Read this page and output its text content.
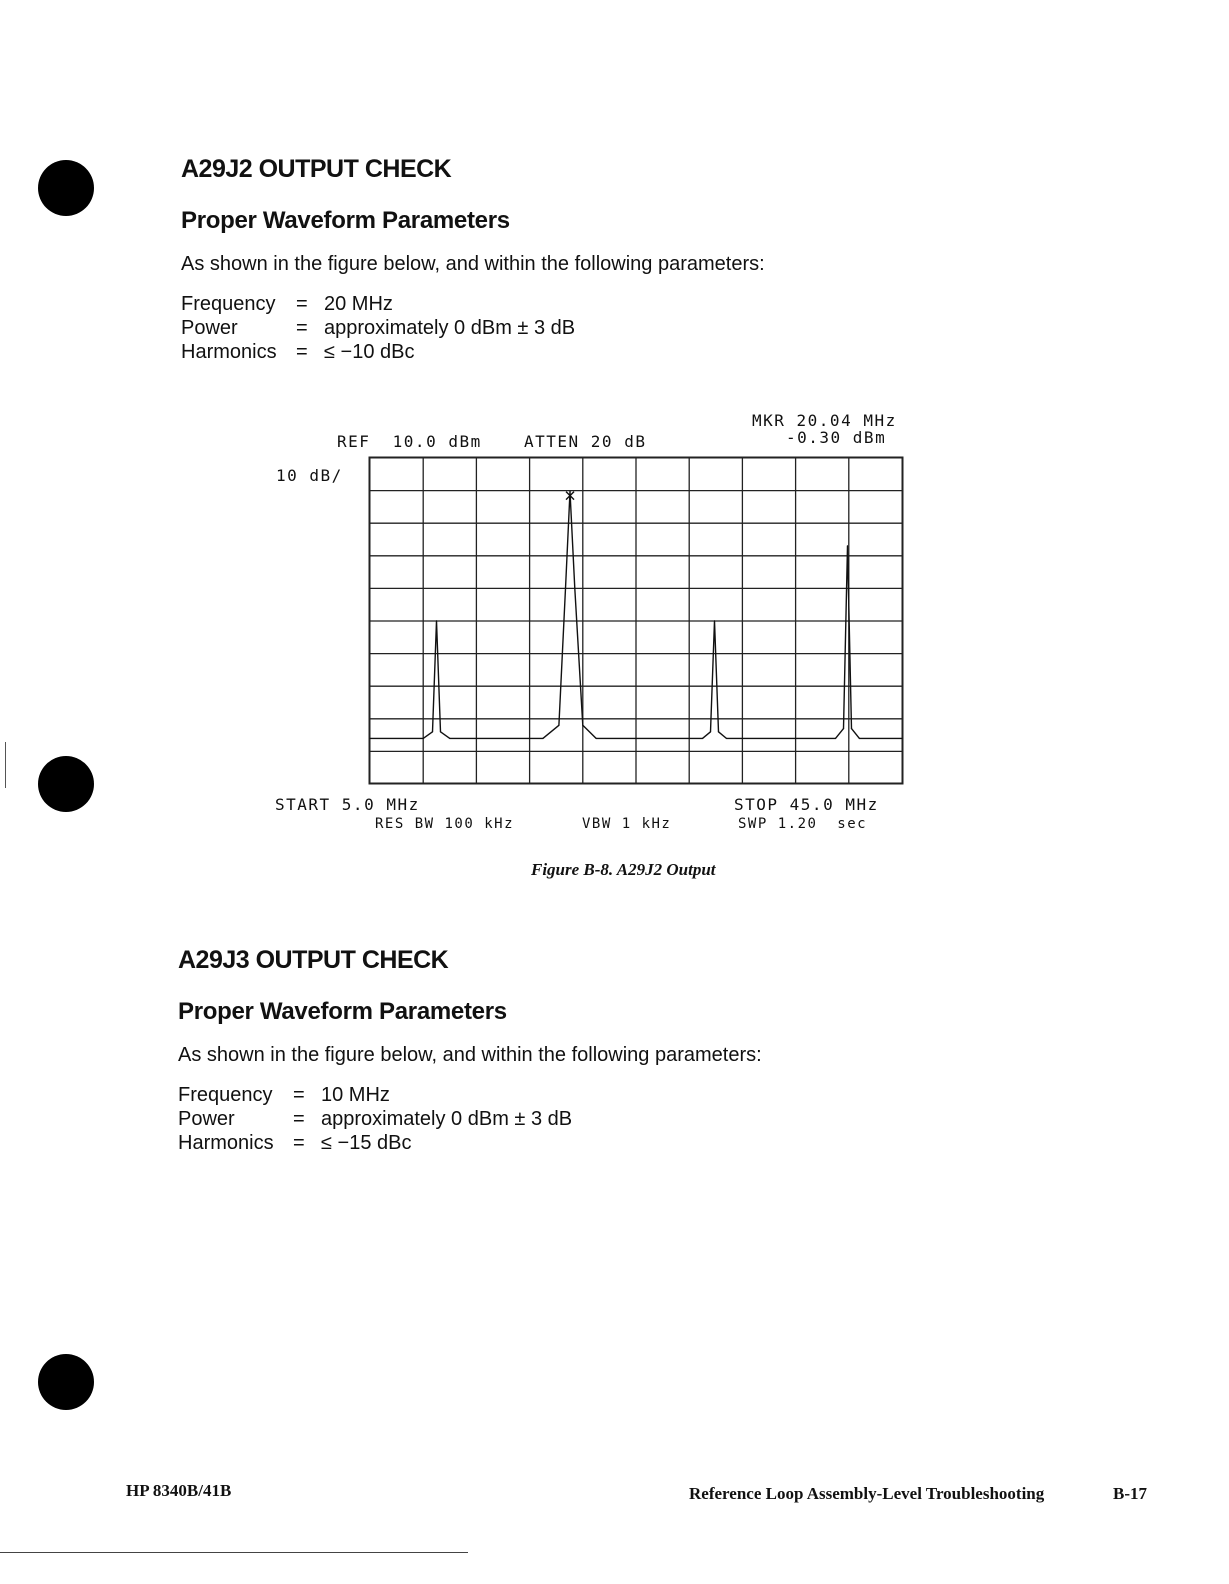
A29J2 OUTPUT CHECK
Proper Waveform Parameters
As shown in the figure below, and within the following parameters:
Frequency = 20 MHz
Power	= approximately 0 dBm ± 3 dB
Harmonics = ≤ −10 dBc
MKR 20.04 MHz
-0.30 dBm
REF  10.0 dBm	ATTEN 20 dB
10 dB/
START 5.0 MHz	STOP 45.0 MHz
RES BW 100 kHz	VBW 1 kHz	SWP 1.20  sec
Figure B-8. A29J2 Output
A29J3 OUTPUT CHECK
Proper Waveform Parameters
As shown in the figure below, and within the following parameters:
Frequency = 10 MHz
Power	= approximately 0 dBm ± 3 dB
Harmonics = ≤ −15 dBc
HP 8340B/41B	Reference Loop Assembly-Level Troubleshooting	B-17
